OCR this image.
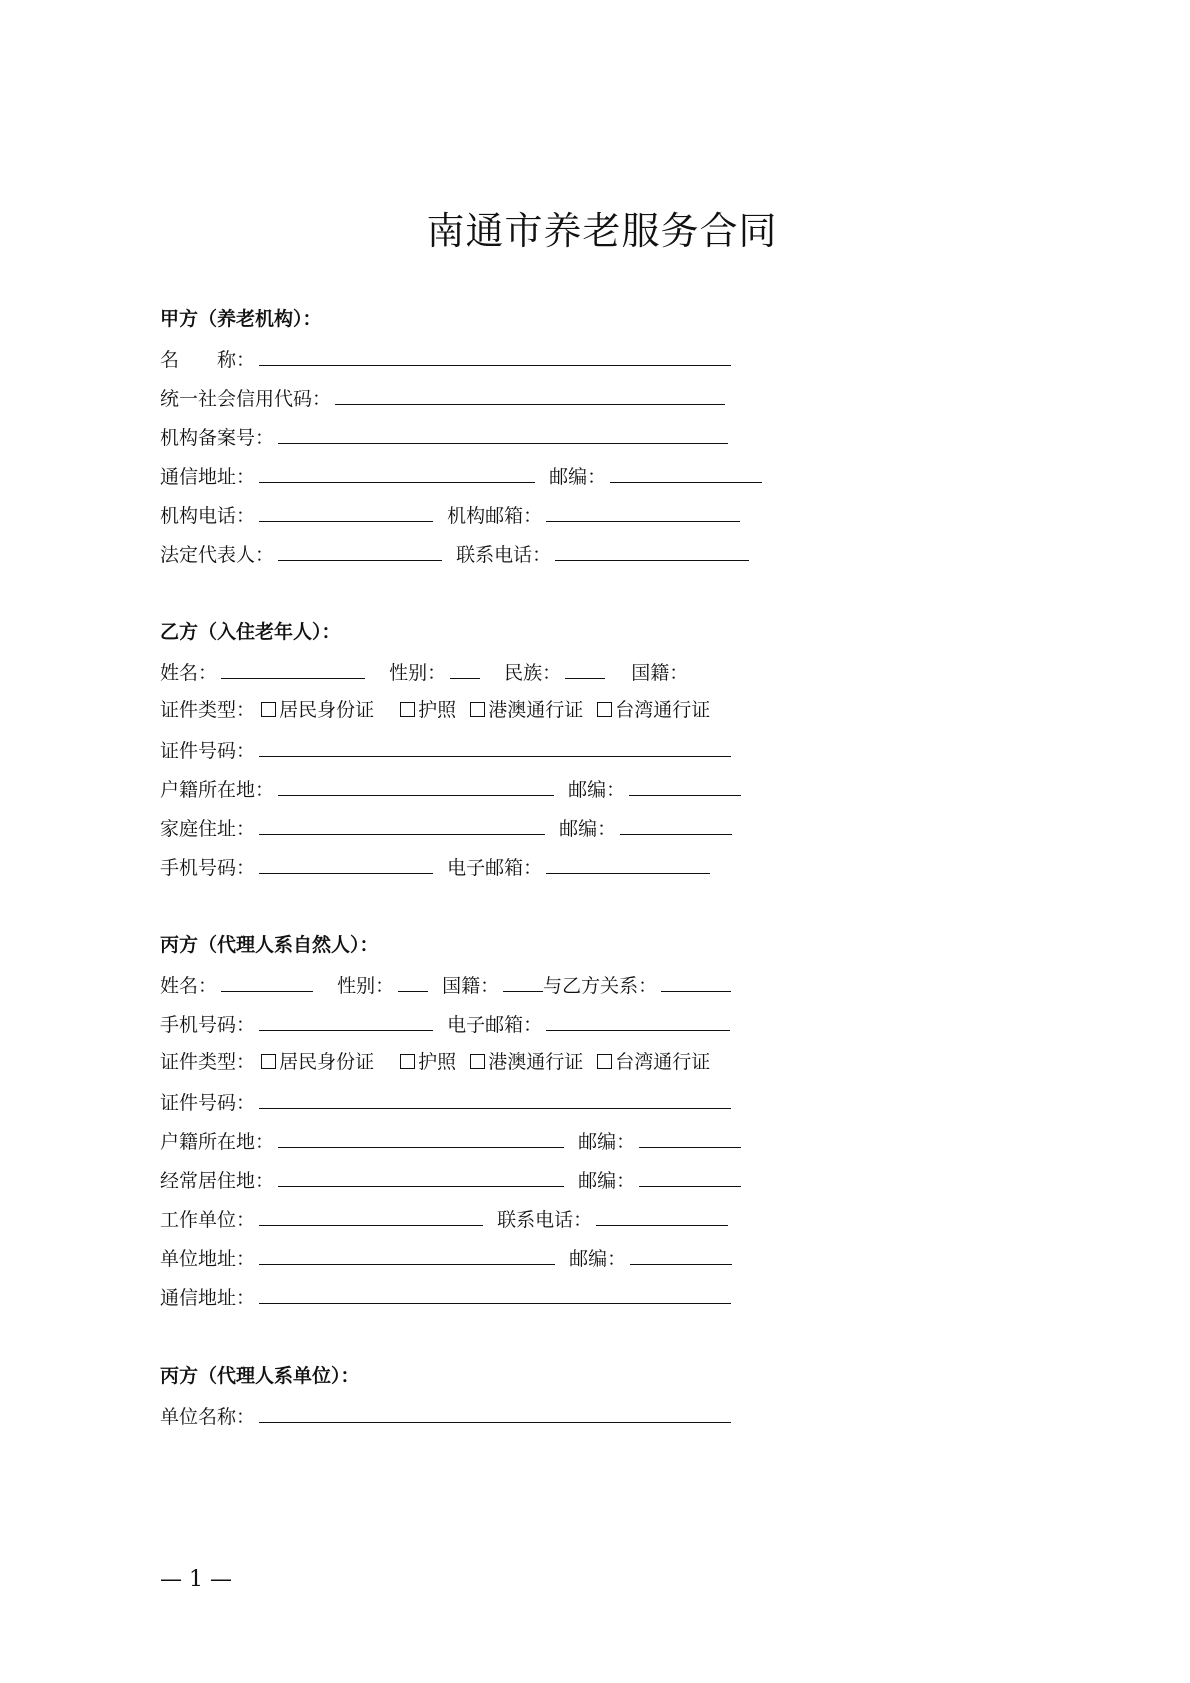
南通市养老服务合同
甲方（养老机构）：
名　　称：
统一社会信用代码：
机构备案号：
通信地址：	邮编：
机构电话：	机构邮箱：
法定代表人：	联系电话：
乙方（入住老年人）：
姓名：	性别：	民族：	国籍：
证件类型： 居民身份证 护照 港澳通行证 台湾通行证
证件号码：
户籍所在地：	邮编：
家庭住址：	邮编：
手机号码：	电子邮箱：
丙方（代理人系自然人）：
姓名：	性别：	国籍： 与乙方关系：
手机号码：	电子邮箱：
证件类型： 居民身份证 护照 港澳通行证 台湾通行证
证件号码：
户籍所在地：	邮编：
经常居住地：	邮编：
工作单位：	联系电话：
单位地址：	邮编：
通信地址：
丙方（代理人系单位）：
单位名称：
— 1 —
